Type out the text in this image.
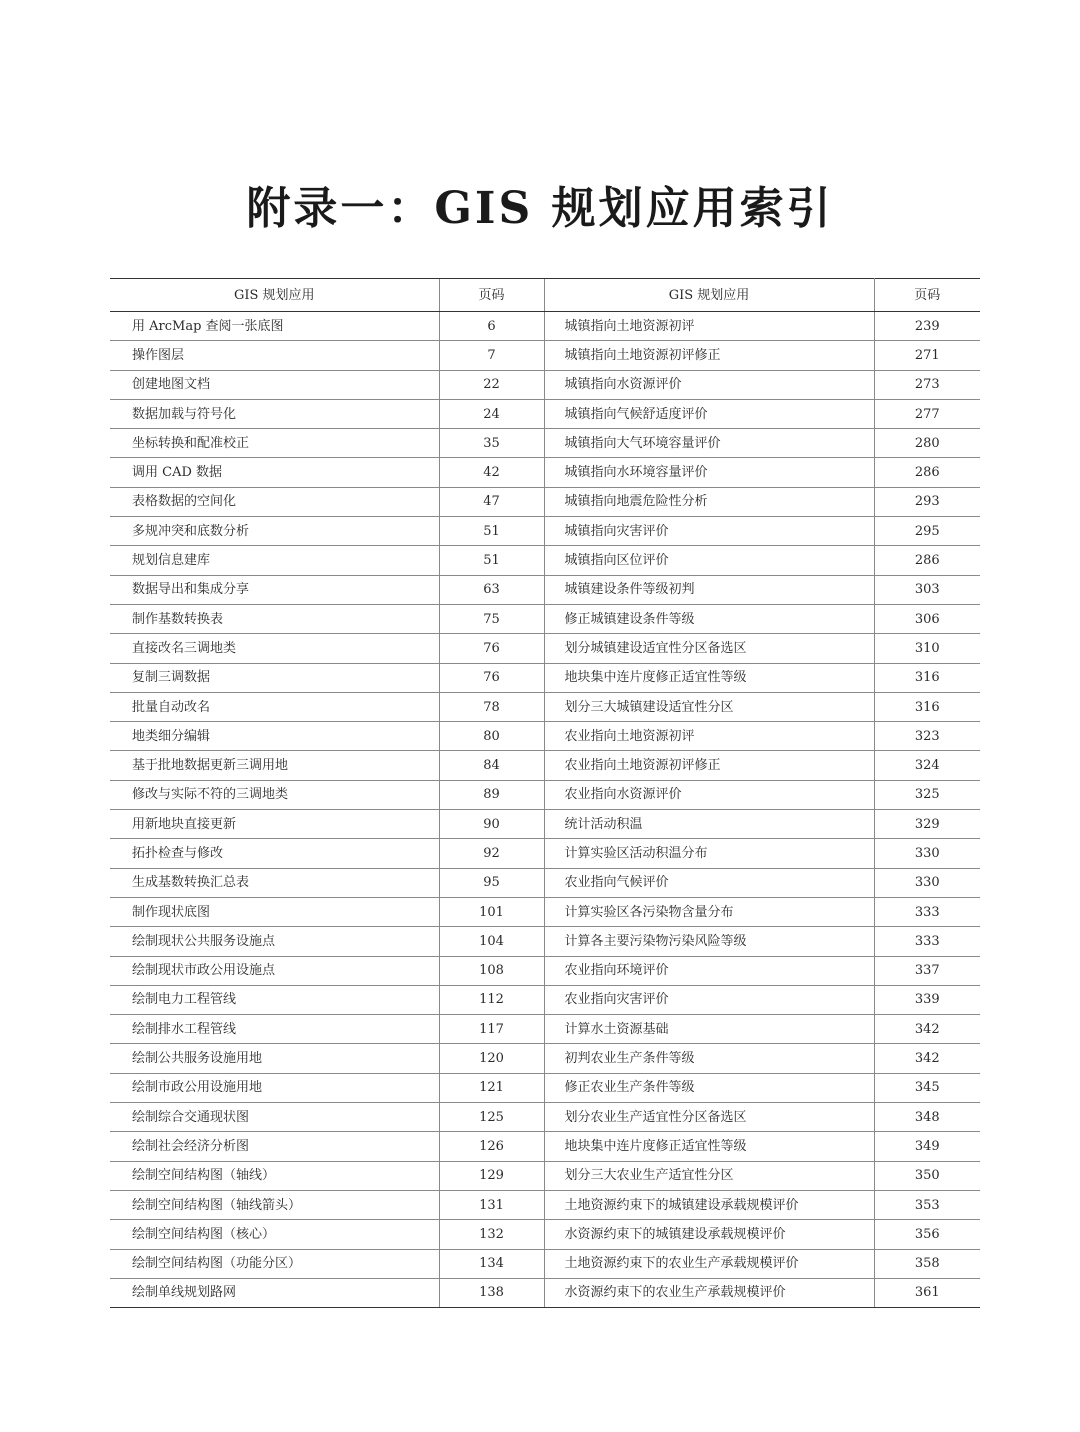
附录一：GIS 规划应用索引
GIS 规划应用	页码	GIS 规划应用	页码
用 ArcMap 查阅一张底图	6	城镇指向土地资源初评	239
操作图层	7	城镇指向土地资源初评修正	271
创建地图文档	22	城镇指向水资源评价	273
数据加载与符号化	24	城镇指向气候舒适度评价	277
坐标转换和配准校正	35	城镇指向大气环境容量评价	280
调用 CAD 数据	42	城镇指向水环境容量评价	286
表格数据的空间化	47	城镇指向地震危险性分析	293
多规冲突和底数分析	51	城镇指向灾害评价	295
规划信息建库	51	城镇指向区位评价	286
数据导出和集成分享	63	城镇建设条件等级初判	303
制作基数转换表	75	修正城镇建设条件等级	306
直接改名三调地类	76	划分城镇建设适宜性分区备选区	310
复制三调数据	76	地块集中连片度修正适宜性等级	316
批量自动改名	78	划分三大城镇建设适宜性分区	316
地类细分编辑	80	农业指向土地资源初评	323
基于批地数据更新三调用地	84	农业指向土地资源初评修正	324
修改与实际不符的三调地类	89	农业指向水资源评价	325
用新地块直接更新	90	统计活动积温	329
拓扑检查与修改	92	计算实验区活动积温分布	330
生成基数转换汇总表	95	农业指向气候评价	330
制作现状底图	101	计算实验区各污染物含量分布	333
绘制现状公共服务设施点	104	计算各主要污染物污染风险等级	333
绘制现状市政公用设施点	108	农业指向环境评价	337
绘制电力工程管线	112	农业指向灾害评价	339
绘制排水工程管线	117	计算水土资源基础	342
绘制公共服务设施用地	120	初判农业生产条件等级	342
绘制市政公用设施用地	121	修正农业生产条件等级	345
绘制综合交通现状图	125	划分农业生产适宜性分区备选区	348
绘制社会经济分析图	126	地块集中连片度修正适宜性等级	349
绘制空间结构图（轴线）	129	划分三大农业生产适宜性分区	350
绘制空间结构图（轴线箭头）	131	土地资源约束下的城镇建设承载规模评价	353
绘制空间结构图（核心）	132	水资源约束下的城镇建设承载规模评价	356
绘制空间结构图（功能分区）	134	土地资源约束下的农业生产承载规模评价	358
绘制单线规划路网	138	水资源约束下的农业生产承载规模评价	361
